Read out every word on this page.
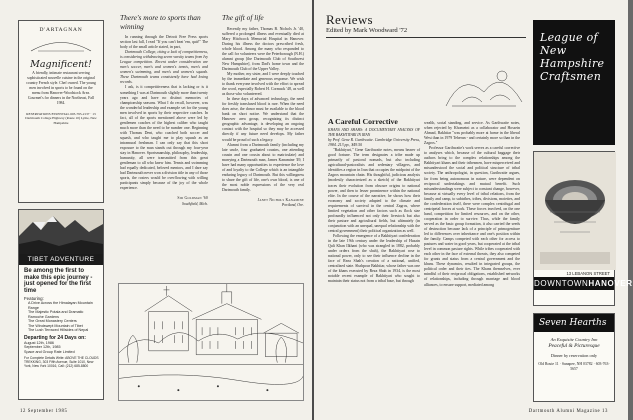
D'ARTAGNAN
Magnificent!
A friendly, intimate restaurant serving sophisticated nouvelle cuisine in the original country French style. Chef owned. The young men involved in sports to be found on the menu from Hanover-Woodstock Area. Gourmet's for dinners in the Northeast, Fall 1984.
RESERVATIONS ESSENTIAL 603-795-2137 · 13 Dartmouth College Highway (Route 10) Lyme, New Hampshire
TIBET ADVENTURE
Be among the first to make this epic journey - just opened for the first time
Featuring:
A Drive Across the Himalayan Mountain Range
The Majestic Potala and Dramatic Ramoche Gardens
The Great Monastery Centers
The Windswept Mountain of Tibet
The Lush Terraced Hillsides of Nepal
Departing for 24 Days on:
August 12th, 1986
September 12th, 1985
Space and Group Rate Limited
For Complete Details Write: ABOVE THE CLOUDS TREKKING, 303 Fifth Avenue, Suite 1010, New York, New York 10016, Call: (212) 685-8800
There's more to sports than winning

In running through the Detroit Free Press sports section last fall, I read "If you can't beat 'em, quit!" The body of the small article stated, in part,

Dartmouth College, citing a lack of competitiveness, is considering withdrawing seven varsity teams from Ivy League competition. Recent under consideration are men's soccer, men's and women's tennis, men's and women's swimming, and men's and women's squash. These Dartmouth teams consistently have had losing records.

I ask, is it competitiveness that is lacking or is it something I was at Dartmouth slightly more than twenty years ago and have no distinct memories of championship seasons. What I do recall, however, was the wonderful leadership and example set for the young men involved in sports by their respective coaches. In fact, all of the sports mentioned above were led by gentlemen coaches of the highest caliber who taught much more than the need to be number one. Beginning with Thomas Dent, who coached both soccer and squash, and who taught me to play squash as an intramural freshman. I can only say that this short exposure to the man stands out through my four-year stay in Hanover. Sportsmanship, philosophy, leadership, humanity, all were transmitted from this great gentleman to all who knew him. Tennis and swimming had equally dedicated, beloved mentors, and I dare say had Dartmouth never won a division title in any of those sports, the rosters would be overflowing with willing participants simply because of the joy of the whole experience.

Sid Goldman '60
Southfield, Mich.
The gift of life

Recently my father, Thomas B. Nichols Jr. '40, suffered a prolonged illness and eventually died at Mary Hitchcock Memorial Hospital in Hanover. During his illness the doctors prescribed fresh, whole blood. Among the many who responded to the call for volunteers were the Peterborough (N.H.) alumni group [the Dartmouth Club of Southwest New Hampshire], from Dad's home town and the Dartmouth Club of the Upper Valley.

My mother, my sister, and I were deeply touched by the immediate and generous response. We wish to thank everyone involved with the effort to spread the word, especially Robert H. Cormack '48, as well as those who volunteered.

In these days of advanced technology, the need for freshly transfused blood is rare. When the need does arise, the donor must be available to the blood bank on short notice. We understand that the Hanover area group, recognizing its distinct geographic advantage, is developing an ongoing contact with the hospital so they may be accessed directly if any future need develops. My father would be proud of such a legacy.

Alumni from a Dartmouth family (including my late uncle, four graduated cousins, one attending cousin and one cousin about to matriculate) and marrying a Dartmouth man, James Kanamine '49, I have had many opportunities to experience the love of and loyalty to the College which is an intangible enduring legacy of Dartmouth. But this willingness to share the gift of life, one's own blood, is one of the most noble expressions of the very real Dartmouth family.

Janet Nichols Kanamine
Portland, Ore.
12 September 1985
Reviews
Edited by Mark Woodward '72
A Careful Corrective
KHANS AND SHAHS: A DOCUMENTARY ANALYSIS OF THE BAKHTIYARI IN IRAN
by Prof. Gene R. Garthwaite. Cambridge University Press, 1984. 213 pp., $49.50

"Bakhtiyari," Gene Garthwaite notes, means bearer of good fortune. The term designates a tribe made up primarily of pastoral nomads, but also including agricultural-pastoralists and sedentary villagers, and identifies a region in Iran that occupies the midpoint of the Zagros mountain chain. His thoughtful, judicious analysis (modestly characterized as a sketch) of the Bakhtiyari traces their evolution from obscure origins to national power, and then to lesser prominence within the national elite. In the course of the narrative, he shows how their economy and society adapted to the climate and requirements of survival in the central Zagros, where limited vegetation and other factors such as flock size profoundly influenced not only their livestock but also their pasture and agricultural fields, but ultimately (in conjunction with an unequal, unequal relationship with the central government) their political organization as well.

Following the emergence of a Bakhtiyari confederation in the late 19th century under the leadership of Husain Quli Khan Ilkhani (who was strangled in 1882, probably under orders from the shah), the Bakhtiyari rose to national power, only to see their influence decline in the face of Reza Shah's creation of a national, unified, centralized state. Shahpour Bakhtiar, whose father was one of the khans executed by Reza Shah in 1934, is the most notable recent example of Bakhtiyari who sought to maintain their status not from a tribal base, but through

wealth, social standing, and service. As Garthwaite notes, when rejected by Khomeini as a collaborator and Hossein Ahmad, Bakhtiar "was probably more at home in the liberal West than in 1979 Teheran - and certainly more so than in the Zagros."

Professor Garthwaite's work serves as a careful corrective to analyses which, because of the cultural baggage their authors bring to the complex relationships among the Bakhtiyari khans and their tribesmen, have misperceived and misunderstood the social and political structure of tribal society. The anthropologist, in question, Garthwaite argues, far from being autonomous in nature, were dependent on reciprocal undertakings and mutual benefit. Such misunderstandings were subject to constant change, however, because at virtually every level of tribal relations, from the family and camp, to subtribes, tribes, divisions, moieties, and the confederation itself, there were complex centrifugal and centripetal forces at work. These forces involved, on the one hand, competition for limited resources, and on the other, cooperation in order to survive. Thus, while the family served as the basic group formation, it also carried the seeds of destruction because lack of a principle of primogeniture led to differences over inheritance and one's position within the family. Camps competed with each other for access to pastures and water in good years, but cooperated at the tribal level in common pasture rights. While tribes cooperated with each other in the face of external threats, they also competed for grants and status from a central government and the khans. These dynamics, resulted in integrated groups, the political order and their ties. The Khans themselves, ever mindful of their reciprocal obligations, established networks of relationships, including through marriage and blood alliances, to ensure support, mediated among

League of New Hampshire Craftsmen
13 LEBANON STREET
DOWNTOWNHANOVER
Seven Hearths
An Exquisite Country Inn
Peaceful & Picturesque
Dinner by reservation only
Old Route 11 · Sunapee, NH 03782 · 603-763-5657
Dartmouth Alumni Magazine 13
